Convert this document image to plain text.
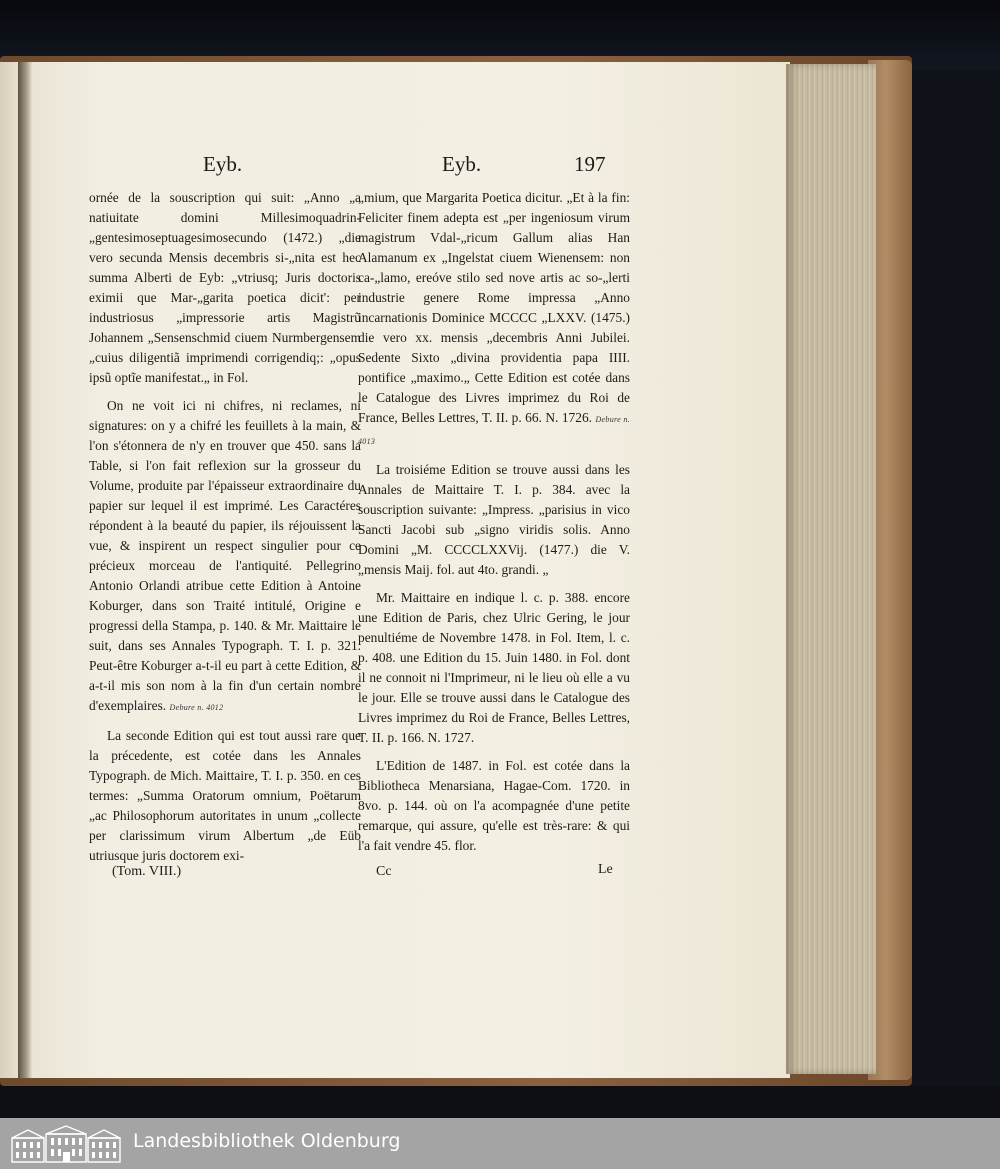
Eyb.	Eyb.	197

ornée de la souscription qui suit: „Anno „a natiuitate domini Millesimoquadrin-„gentesimoseptuagesimosecundo (1472.) „die vero secunda Mensis decembris si-„nita est hec summa Alberti de Eyb: „vtriusq; Juris doctoris eximii que Mar-„garita poetica dicit': per industriosus „impressorie artis Magistrũ Johannem „Sensenschmid ciuem Nurmbergensem „cuius diligentiã imprimendi corrigendiq;: „opus ipsũ optĩe manifestat.„ in Fol.

On ne voit ici ni chifres, ni reclames, ni signatures: on y a chifré les feuillets à la main, & l'on s'étonnera de n'y en trouver que 450. sans la Table, si l'on fait reflexion sur la grosseur du Volume, produite par l'épaisseur extraordinaire du papier sur lequel il est imprimé. Les Caractéres répondent à la beauté du papier, ils réjouissent la vue, & inspirent un respect singulier pour ce précieux morceau de l'antiquité. Pellegrino Antonio Orlandi atribue cette Edition à Antoine Koburger, dans son Traité intitulé, Origine e progressi della Stampa, p. 140. & Mr. Maittaire le suit, dans ses Annales Typograph. T. I. p. 321. Peut-être Koburger a-t-il eu part à cette Edition, & a-t-il mis son nom à la fin d'un certain nombre d'exemplaires. Debure n. 4012

La seconde Edition qui est tout aussi rare que la précedente, est cotée dans les Annales Typograph. de Mich. Maittaire, T. I. p. 350. en ces termes: „Summa Oratorum omnium, Poëtarum „ac Philosophorum autoritates in unum „collecte per clarissimum virum Albertum „de Eüb utriusque juris doctorem exi-

„mium, que Margarita Poetica dicitur. „Et à la fin: Feliciter finem adepta est „per ingeniosum virum magistrum Vdal-„ricum Gallum alias Han Alamanum ex „Ingelstat ciuem Wienensem: non ca-„lamo, ereóve stilo sed nove artis ac so-„lerti industrie genere Rome impressa „Anno incarnationis Dominice MCCCC „LXXV. (1475.) die vero xx. mensis „decembris Anni Jubilei. Sedente Sixto „divina providentia papa IIII. pontifice „maximo.„ Cette Edition est cotée dans le Catalogue des Livres imprimez du Roi de France, Belles Lettres, T. II. p. 66. N. 1726. Debure n. 4013

La troisiéme Edition se trouve aussi dans les Annales de Maittaire T. I. p. 384. avec la souscription suivante: „Impress. „parisius in vico Sancti Jacobi sub „signo viridis solis. Anno Domini „M. CCCCLXXVij. (1477.) die V. „mensis Maij. fol. aut 4to. grandi. „

Mr. Maittaire en indique l. c. p. 388. encore une Edition de Paris, chez Ulric Gering, le jour penultiéme de Novembre 1478. in Fol. Item, l. c. p. 408. une Edition du 15. Juin 1480. in Fol. dont il ne connoit ni l'Imprimeur, ni le lieu où elle a vu le jour. Elle se trouve aussi dans le Catalogue des Livres imprimez du Roi de France, Belles Lettres, T. II. p. 166. N. 1727.

L'Edition de 1487. in Fol. est cotée dans la Bibliotheca Menarsiana, Hagae-Com. 1720. in 8vo. p. 144. où on l'a acompagnée d'une petite remarque, qui assure, qu'elle est très-rare: & qui l'a fait vendre 45. flor.

(Tom. VIII.)	Cc	Le
Landesbibliothek Oldenburg
